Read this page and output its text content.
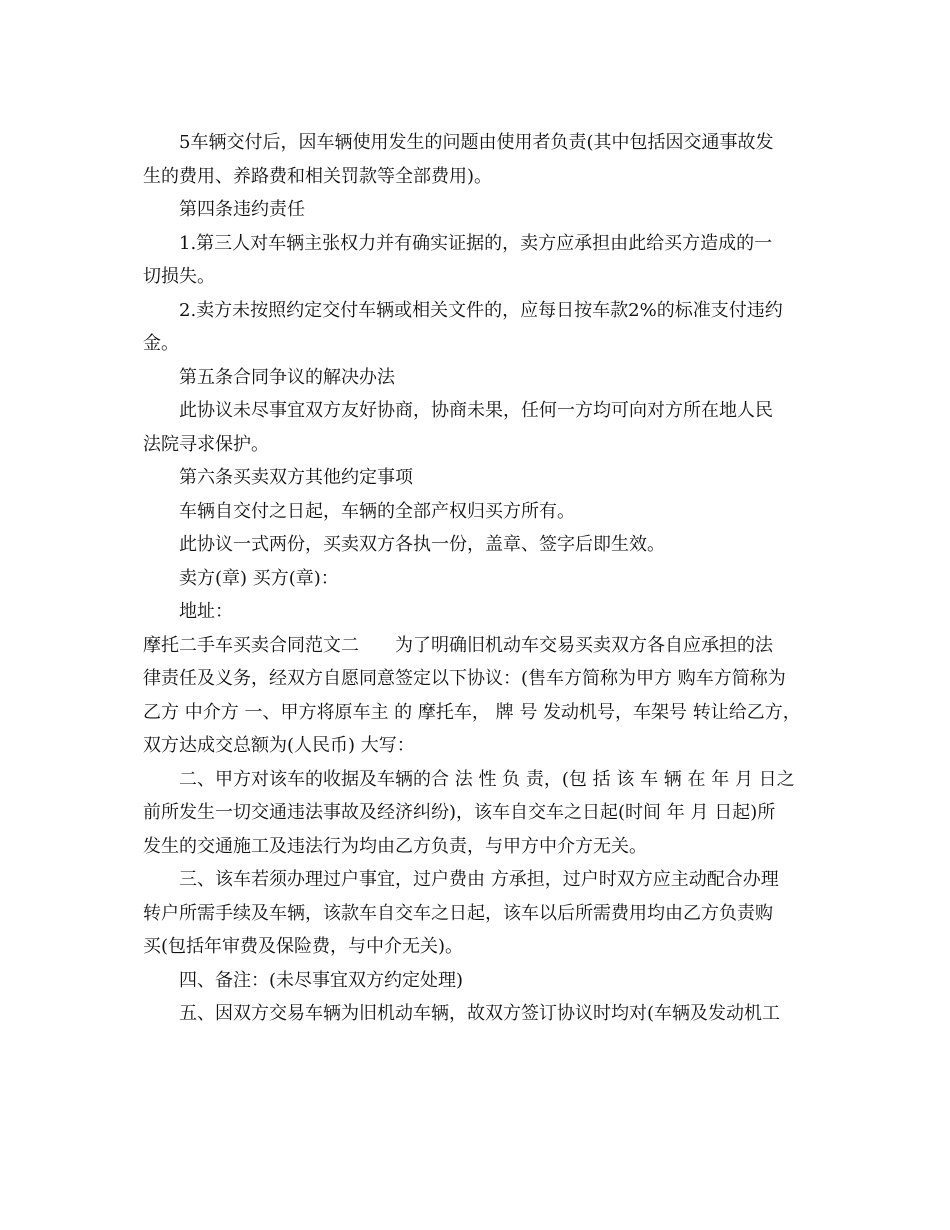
5车辆交付后，因车辆使用发生的问题由使用者负责(其中包括因交通事故发
生的费用、养路费和相关罚款等全部费用)。
第四条违约责任
1.第三人对车辆主张权力并有确实证据的，卖方应承担由此给买方造成的一
切损失。
2.卖方未按照约定交付车辆或相关文件的，应每日按车款2%的标准支付违约
金。
第五条合同争议的解决办法
此协议未尽事宜双方友好协商，协商未果，任何一方均可向对方所在地人民
法院寻求保护。
第六条买卖双方其他约定事项
车辆自交付之日起，车辆的全部产权归买方所有。
此协议一式两份，买卖双方各执一份，盖章、签字后即生效。
卖方(章) 买方(章)：
地址：
摩托二手车买卖合同范文二　　为了明确旧机动车交易买卖双方各自应承担的法
律责任及义务，经双方自愿同意签定以下协议：(售车方简称为甲方 购车方简称为
乙方 中介方 一、甲方将原车主 的 摩托车， 牌 号 发动机号，车架号 转让给乙方，
双方达成交总额为(人民币) 大写：
二、甲方对该车的收据及车辆的合 法 性 负 责，(包 括 该 车 辆 在 年 月 日之
前所发生一切交通违法事故及经济纠纷)，该车自交车之日起(时间 年 月 日起)所
发生的交通施工及违法行为均由乙方负责，与甲方中介方无关。
三、该车若须办理过户事宜，过户费由 方承担，过户时双方应主动配合办理
转户所需手续及车辆，该款车自交车之日起，该车以后所需费用均由乙方负责购
买(包括年审费及保险费，与中介无关)。
四、备注：(未尽事宜双方约定处理)
五、因双方交易车辆为旧机动车辆，故双方签订协议时均对(车辆及发动机工
